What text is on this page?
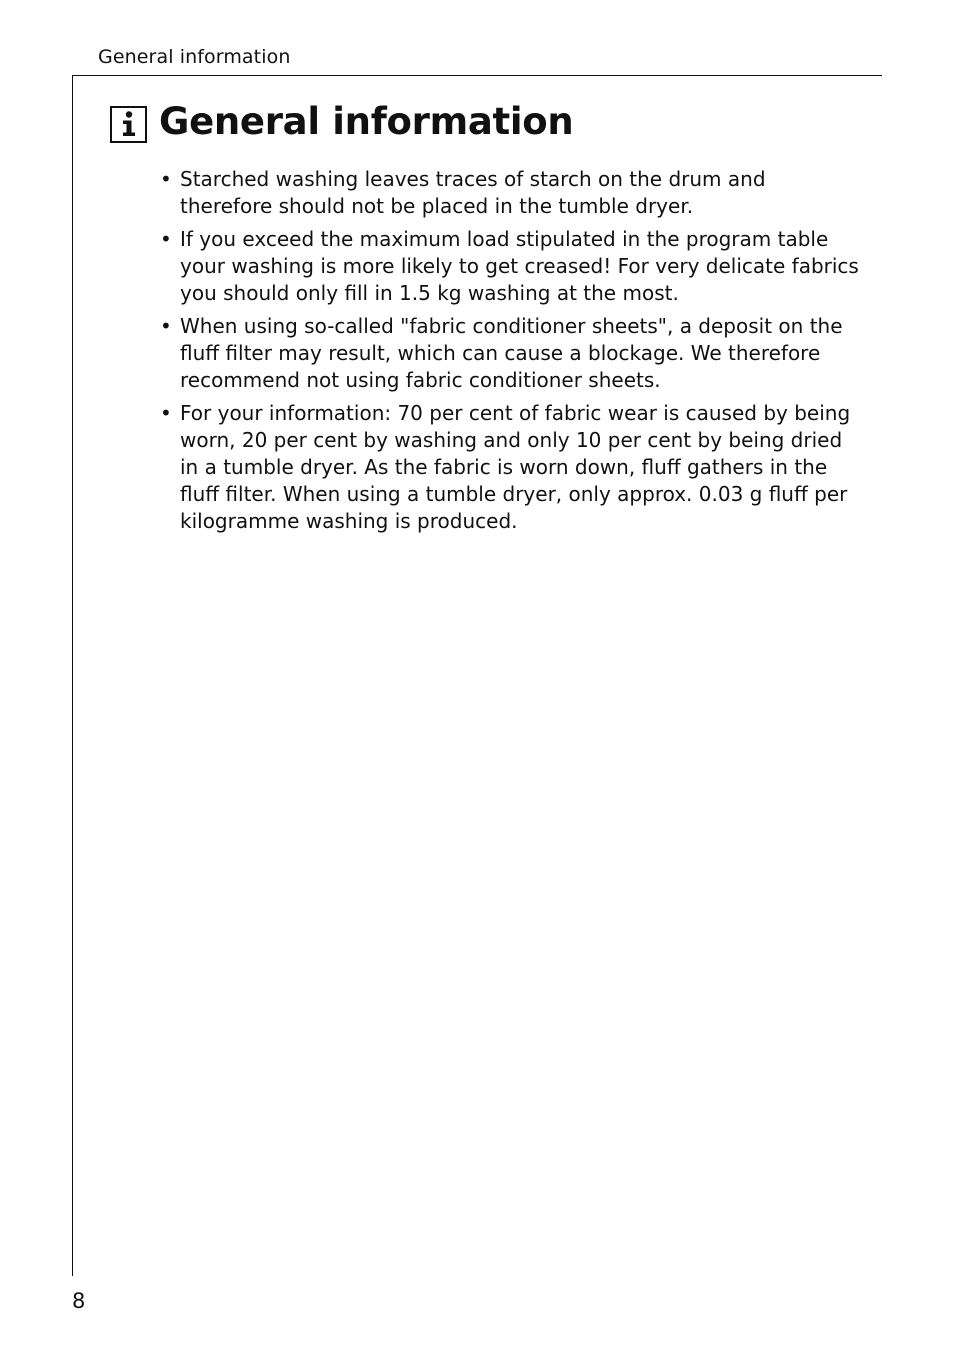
General information
General information
• Starched washing leaves traces of starch on the drum and therefore should not be placed in the tumble dryer.
• If you exceed the maximum load stipulated in the program table your washing is more likely to get creased! For very delicate fabrics you should only fill in 1.5 kg washing at the most.
• When using so-called "fabric conditioner sheets", a deposit on the fluff filter may result, which can cause a blockage. We therefore recommend not using fabric conditioner sheets.
• For your information: 70 per cent of fabric wear is caused by being worn, 20 per cent by washing and only 10 per cent by being dried in a tumble dryer. As the fabric is worn down, fluff gathers in the fluff filter. When using a tumble dryer, only approx. 0.03 g fluff per kilogramme washing is produced.
8
